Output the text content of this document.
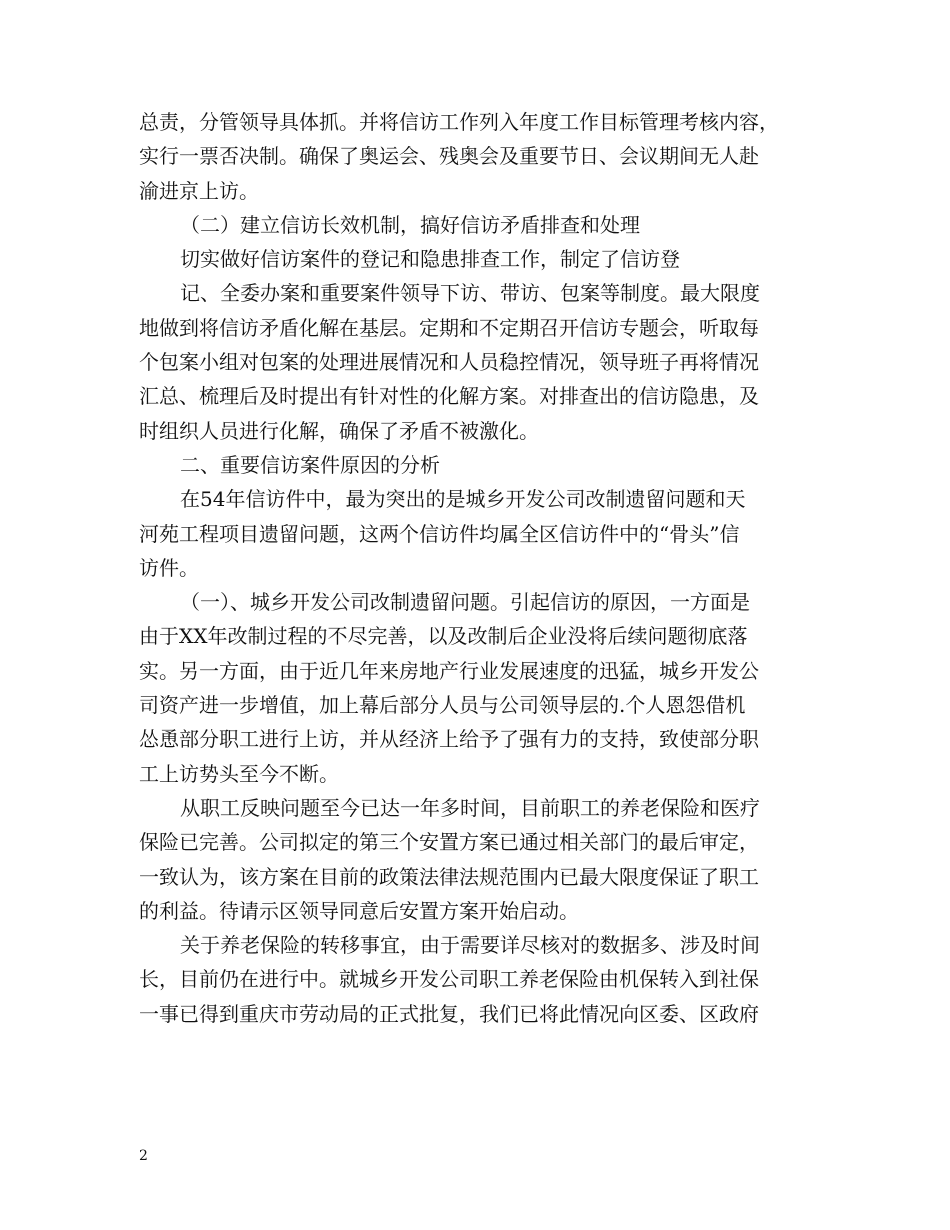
总责，分管领导具体抓。并将信访工作列入年度工作目标管理考核内容，
实行一票否决制。确保了奥运会、残奥会及重要节日、会议期间无人赴
渝进京上访。
（二）建立信访长效机制，搞好信访矛盾排查和处理
切实做好信访案件的登记和隐患排查工作，制定了信访登
记、全委办案和重要案件领导下访、带访、包案等制度。最大限度
地做到将信访矛盾化解在基层。定期和不定期召开信访专题会，听取每
个包案小组对包案的处理进展情况和人员稳控情况，领导班子再将情况
汇总、梳理后及时提出有针对性的化解方案。对排查出的信访隐患，及
时组织人员进行化解，确保了矛盾不被激化。
二、重要信访案件原因的分析
在54年信访件中，最为突出的是城乡开发公司改制遗留问题和天
河苑工程项目遗留问题，这两个信访件均属全区信访件中的“骨头”信
访件。
（一）、城乡开发公司改制遗留问题。引起信访的原因，一方面是
由于XX年改制过程的不尽完善，以及改制后企业没将后续问题彻底落
实。另一方面，由于近几年来房地产行业发展速度的迅猛，城乡开发公
司资产进一步增值，加上幕后部分人员与公司领导层的.个人恩怨借机
怂恿部分职工进行上访，并从经济上给予了强有力的支持，致使部分职
工上访势头至今不断。
从职工反映问题至今已达一年多时间，目前职工的养老保险和医疗
保险已完善。公司拟定的第三个安置方案已通过相关部门的最后审定，
一致认为，该方案在目前的政策法律法规范围内已最大限度保证了职工
的利益。待请示区领导同意后安置方案开始启动。
关于养老保险的转移事宜，由于需要详尽核对的数据多、涉及时间
长，目前仍在进行中。就城乡开发公司职工养老保险由机保转入到社保
一事已得到重庆市劳动局的正式批复，我们已将此情况向区委、区政府
2
